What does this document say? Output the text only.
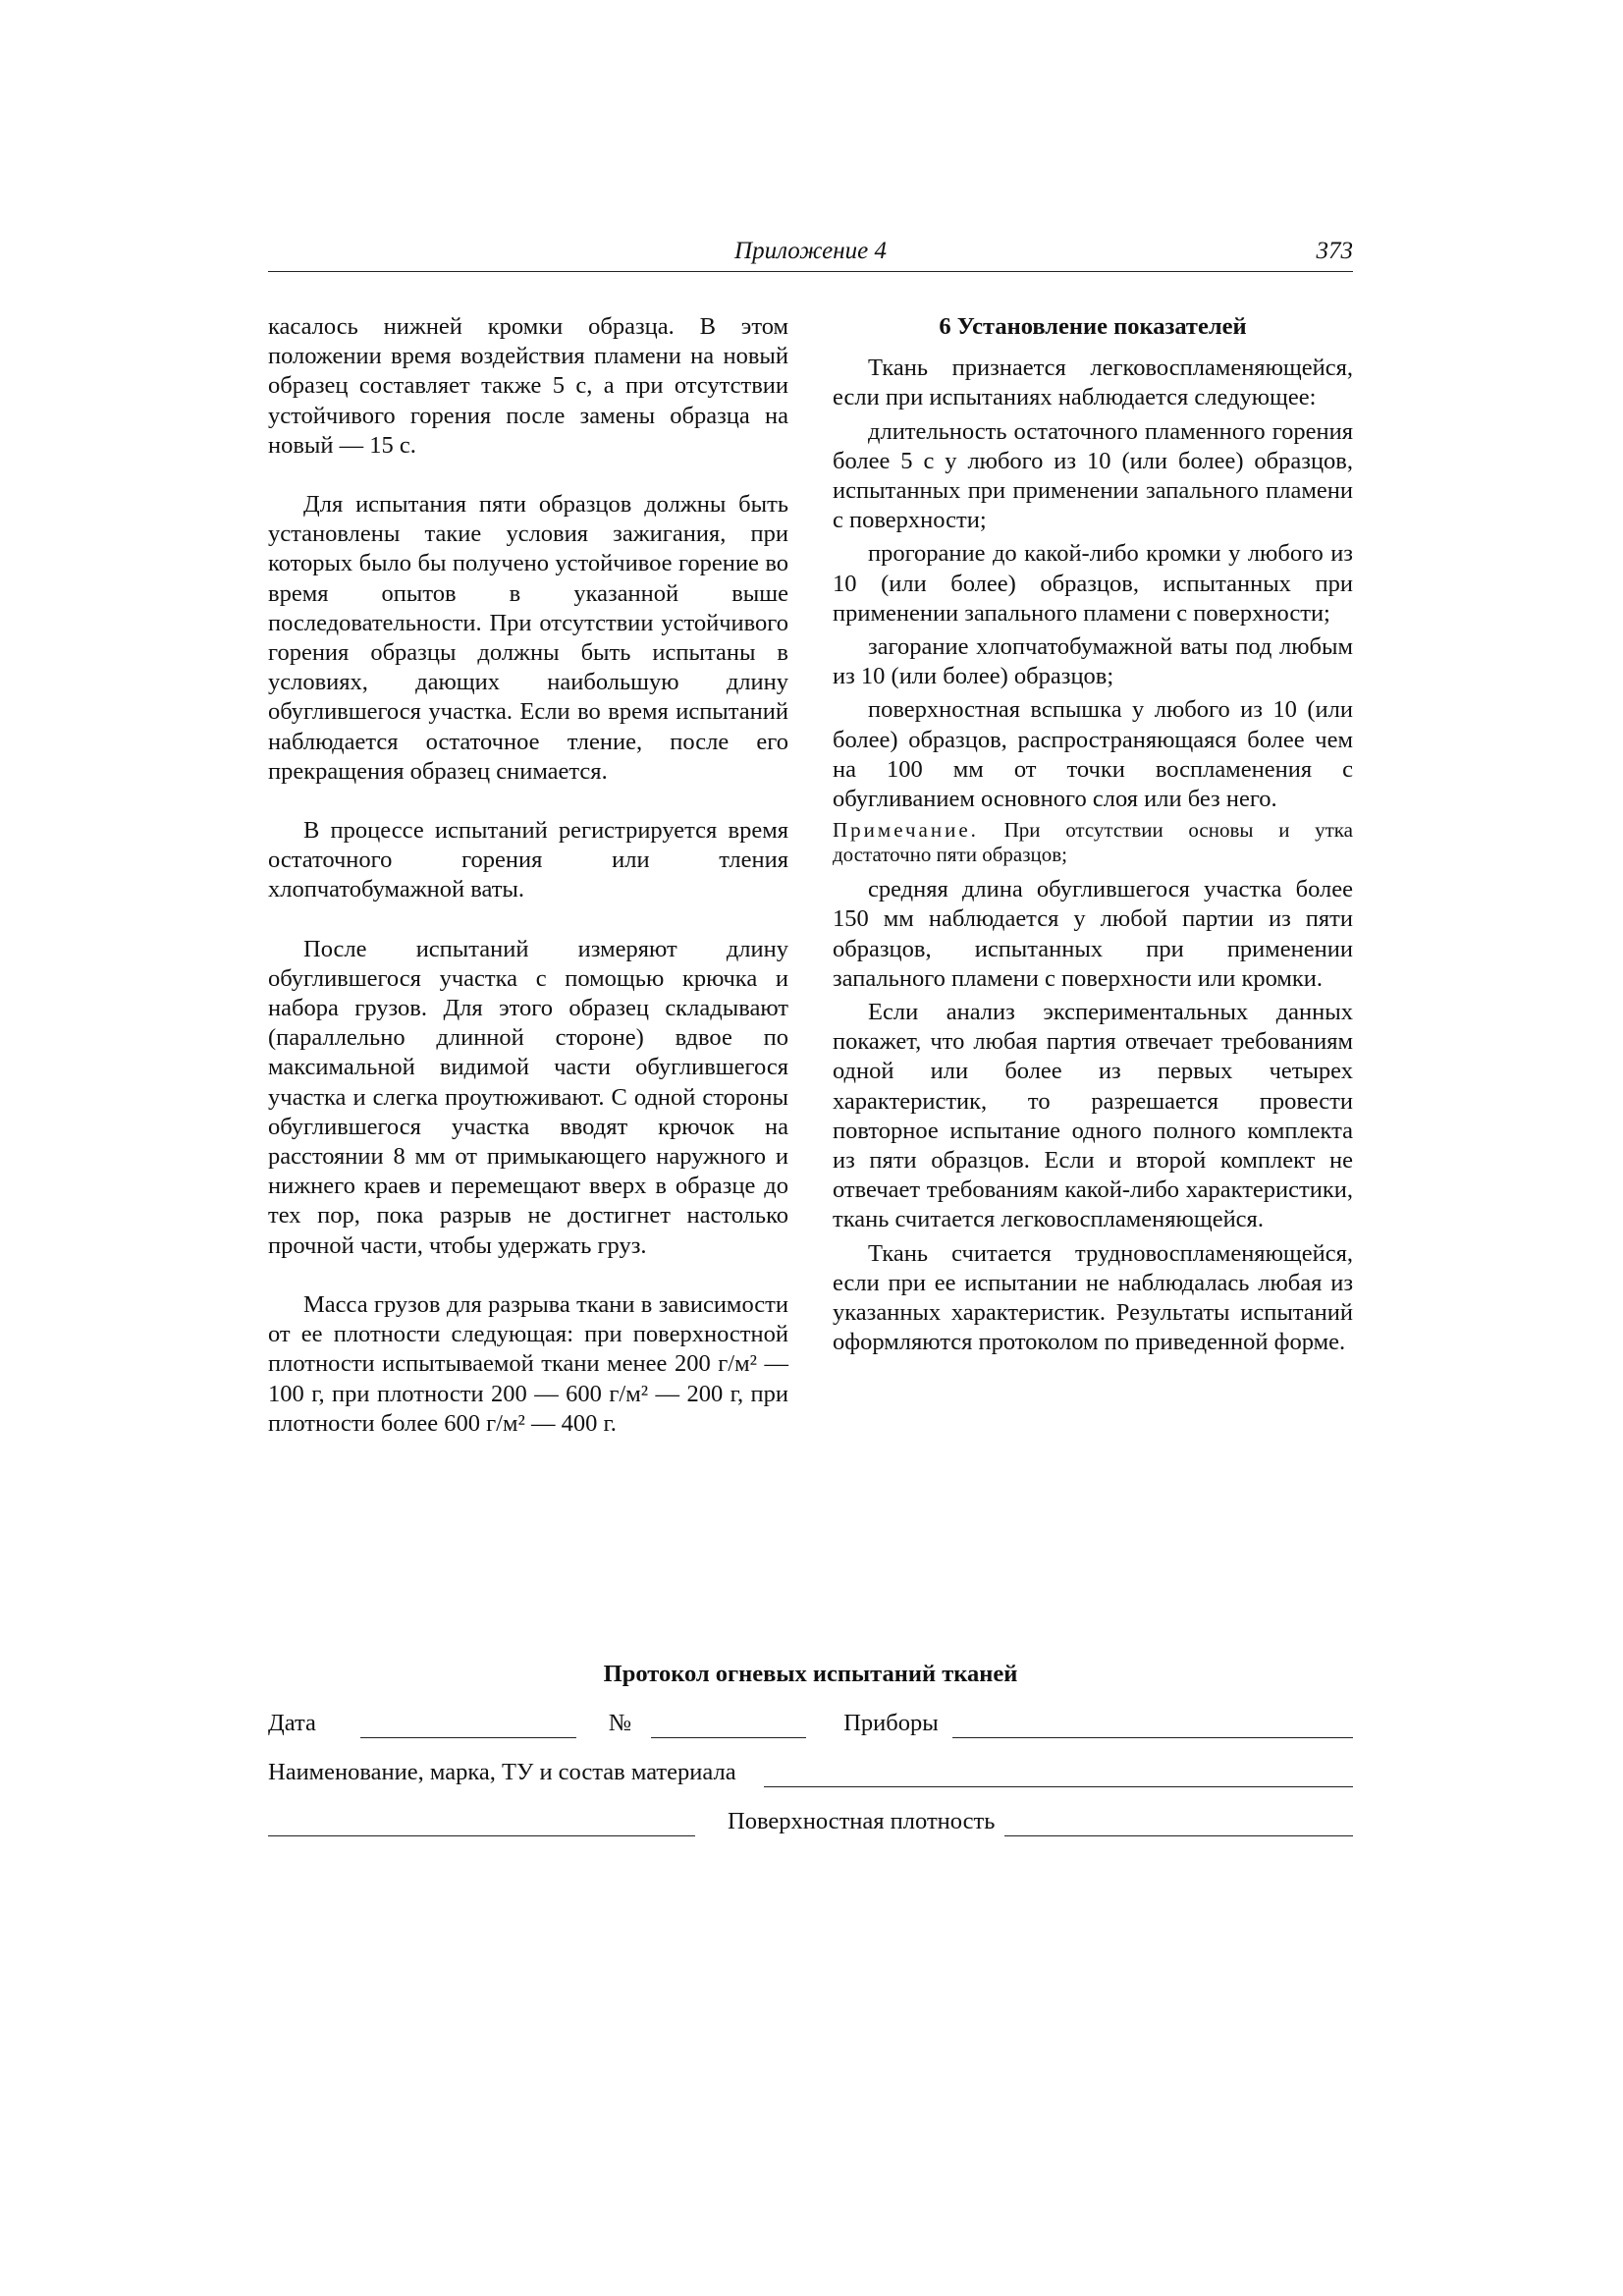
Приложение 4	373

касалось нижней кромки образца. В этом положении время воздействия пламени на новый образец составляет также 5 с, а при отсутствии устойчивого горения после замены образца на новый — 15 с.

Для испытания пяти образцов должны быть установлены такие условия зажигания, при которых было бы получено устойчивое горение во время опытов в указанной выше последовательности. При отсутствии устойчивого горения образцы должны быть испытаны в условиях, дающих наибольшую длину обуглившегося участка. Если во время испытаний наблюдается остаточное тление, после его прекращения образец снимается.

В процессе испытаний регистрируется время остаточного горения или тления хлопчатобумажной ваты.

После испытаний измеряют длину обуглившегося участка с помощью крючка и набора грузов. Для этого образец складывают (параллельно длинной стороне) вдвое по максимальной видимой части обуглившегося участка и слегка проутюживают. С одной стороны обуглившегося участка вводят крючок на расстоянии 8 мм от примыкающего наружного и нижнего краев и перемещают вверх в образце до тех пор, пока разрыв не достигнет настолько прочной части, чтобы удержать груз.

Масса грузов для разрыва ткани в зависимости от ее плотности следующая: при поверхностной плотности испытываемой ткани менее 200 г/м² — 100 г, при плотности 200 — 600 г/м² — 200 г, при плотности более 600 г/м² — 400 г.

6 Установление показателей

Ткань признается легковоспламеняющейся, если при испытаниях наблюдается следующее:

длительность остаточного пламенного горения более 5 с у любого из 10 (или более) образцов, испытанных при применении запального пламени с поверхности;

прогорание до какой-либо кромки у любого из 10 (или более) образцов, испытанных при применении запального пламени с поверхности;

загорание хлопчатобумажной ваты под любым из 10 (или более) образцов;

поверхностная вспышка у любого из 10 (или более) образцов, распространяющаяся более чем на 100 мм от точки воспламенения с обугливанием основного слоя или без него.

Примечание. При отсутствии основы и утка достаточно пяти образцов;

средняя длина обуглившегося участка более 150 мм наблюдается у любой партии из пяти образцов, испытанных при применении запального пламени с поверхности или кромки.

Если анализ экспериментальных данных покажет, что любая партия отвечает требованиям одной или более из первых четырех характеристик, то разрешается провести повторное испытание одного полного комплекта из пяти образцов. Если и второй комплект не отвечает требованиям какой-либо характеристики, ткань считается легковоспламеняющейся.

Ткань считается трудновоспламеняющейся, если при ее испытании не наблюдалась любая из указанных характеристик. Результаты испытаний оформляются протоколом по приведенной форме.

Протокол огневых испытаний тканей
Дата	№	Приборы
Наименование, марка, ТУ и состав материала
Поверхностная плотность
